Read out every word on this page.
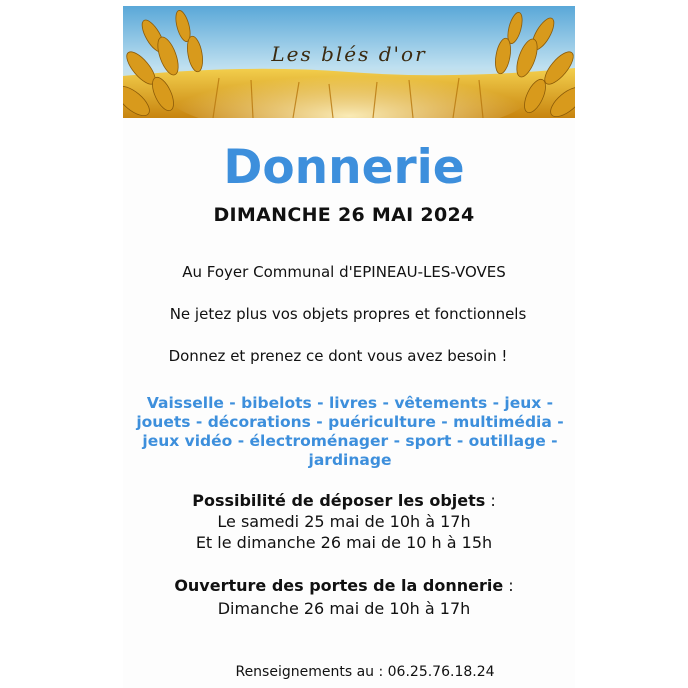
Les blés d'or
Donnerie
DIMANCHE 26 MAI 2024
Au Foyer Communal d'EPINEAU-LES-VOVES
Ne jetez plus vos objets propres et fonctionnels
Donnez et prenez ce dont vous avez besoin !
Vaisselle - bibelots - livres - vêtements - jeux -
jouets - décorations - puériculture - multimédia -
jeux vidéo - électroménager - sport - outillage -
jardinage
Possibilité de déposer les objets :
Le samedi 25 mai de 10h à 17h
Et le dimanche 26 mai de 10 h à 15h
Ouverture des portes de la donnerie :
Dimanche 26 mai de 10h à 17h
Renseignements au : 06.25.76.18.24
